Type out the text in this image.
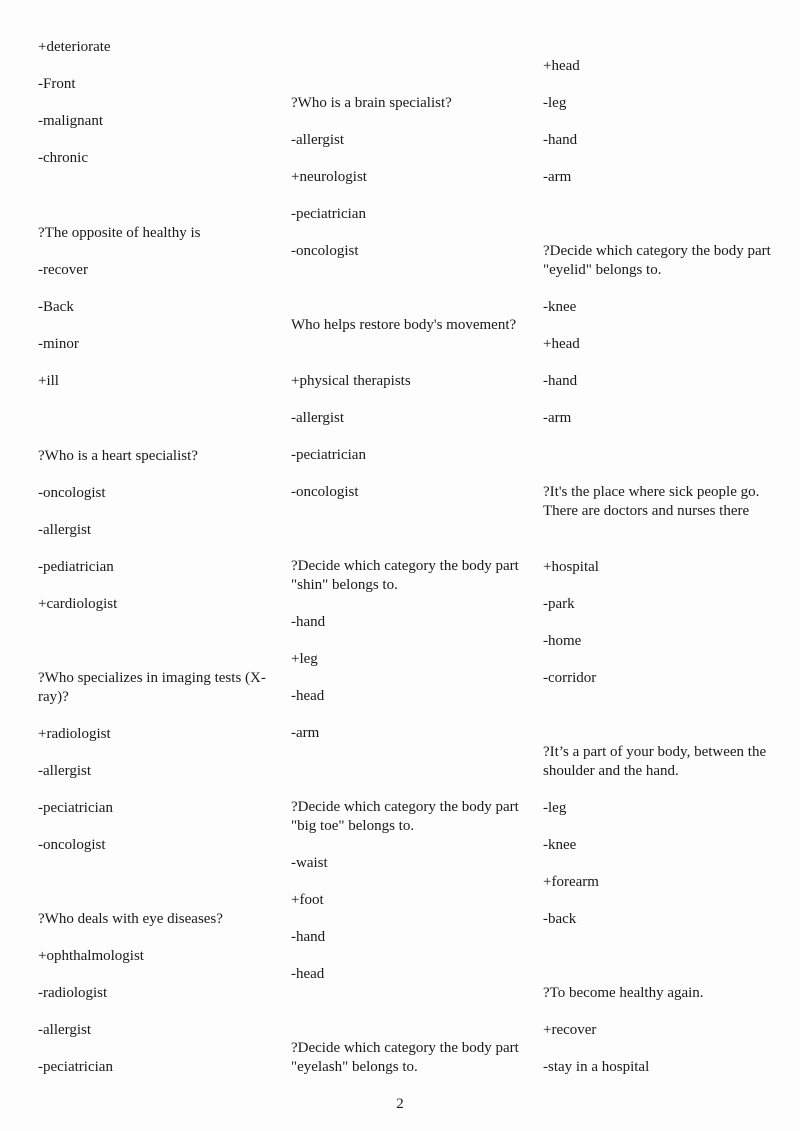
+deteriorate
-Front
-malignant
-chronic
?The opposite of healthy is
-recover
-Back
-minor
+ill
?Who is a heart specialist?
-oncologist
-allergist
-pediatrician
+cardiologist
?Who specializes in imaging tests (X-ray)?
+radiologist
-allergist
-peciatrician
-oncologist
?Who deals with eye diseases?
+ophthalmologist
-radiologist
-allergist
-peciatrician
?Who is a brain specialist?
-allergist
+neurologist
-peciatrician
-oncologist
Who helps restore body's movement?
+physical therapists
-allergist
-peciatrician
-oncologist
?Decide which category the body part "shin" belongs to.
-hand
+leg
-head
-arm
?Decide which category the body part "big toe" belongs to.
-waist
+foot
-hand
-head
?Decide which category the body part "eyelash" belongs to.
+head
-leg
-hand
-arm
?Decide which category the body part "eyelid" belongs to.
-knee
+head
-hand
-arm
?It's the place where sick people go. There are doctors and nurses there
+hospital
-park
-home
-corridor
?It’s a part of your body, between the shoulder and the hand.
-leg
-knee
+forearm
-back
?To become healthy again.
+recover
-stay in a hospital
2
